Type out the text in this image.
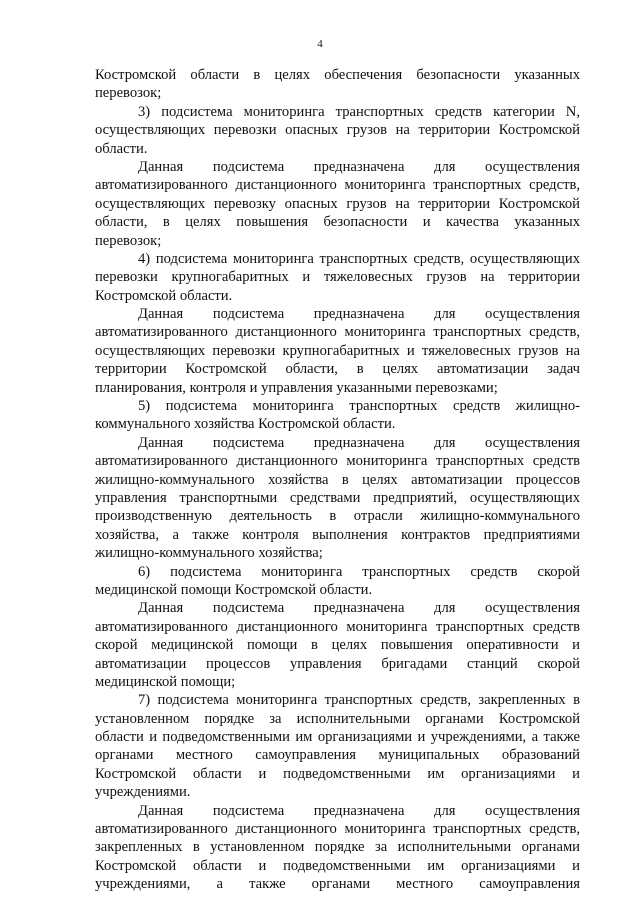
4
Костромской области в целях обеспечения безопасности указанных
перевозок;
3) подсистема мониторинга транспортных средств категории N,
осуществляющих перевозки опасных грузов на территории Костромской
области.
Данная подсистема предназначена для осуществления
автоматизированного дистанционного мониторинга транспортных средств,
осуществляющих перевозку опасных грузов на территории Костромской
области, в целях повышения безопасности и качества указанных
перевозок;
4) подсистема мониторинга транспортных средств, осуществляющих
перевозки крупногабаритных и тяжеловесных грузов на территории
Костромской области.
Данная подсистема предназначена для осуществления
автоматизированного дистанционного мониторинга транспортных средств,
осуществляющих перевозки крупногабаритных и тяжеловесных грузов на
территории Костромской области, в целях автоматизации задач
планирования, контроля и управления указанными перевозками;
5) подсистема мониторинга транспортных средств жилищно-
коммунального хозяйства Костромской области.
Данная подсистема предназначена для осуществления
автоматизированного дистанционного мониторинга транспортных средств
жилищно-коммунального хозяйства в целях автоматизации процессов
управления транспортными средствами предприятий, осуществляющих
производственную деятельность в отрасли жилищно-коммунального
хозяйства, а также контроля выполнения контрактов предприятиями
жилищно-коммунального хозяйства;
6) подсистема мониторинга транспортных средств скорой
медицинской помощи Костромской области.
Данная подсистема предназначена для осуществления
автоматизированного дистанционного мониторинга транспортных средств
скорой медицинской помощи в целях повышения оперативности и
автоматизации процессов управления бригадами станций скорой
медицинской помощи;
7) подсистема мониторинга транспортных средств, закрепленных в
установленном порядке за исполнительными органами Костромской
области и подведомственными им организациями и учреждениями, а также
органами местного самоуправления муниципальных образований
Костромской области и подведомственными им организациями и
учреждениями.
Данная подсистема предназначена для осуществления
автоматизированного дистанционного мониторинга транспортных средств,
закрепленных в установленном порядке за исполнительными органами
Костромской области и подведомственными им организациями и
учреждениями, а также органами местного самоуправления
